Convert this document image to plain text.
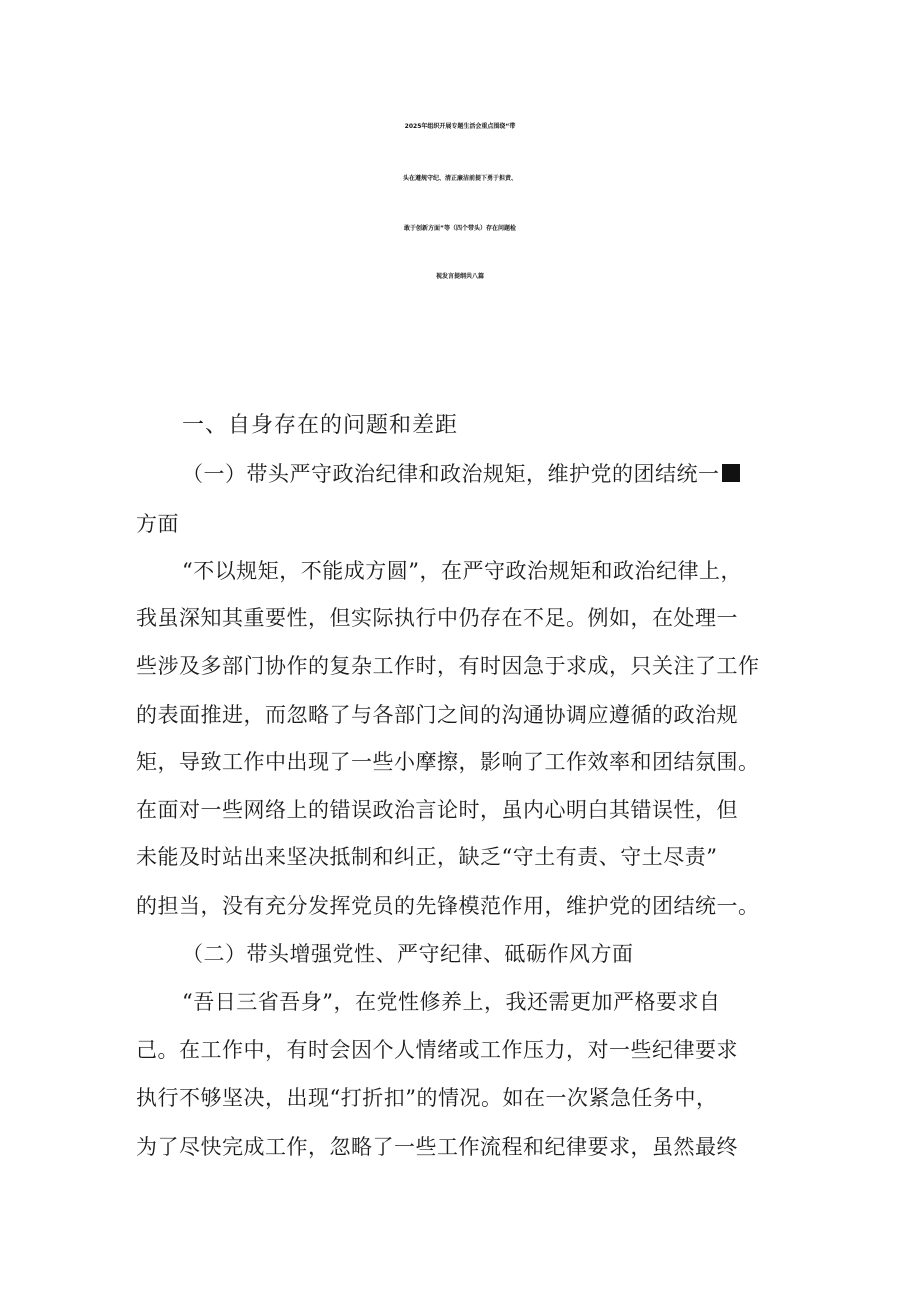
2025年组织开展专题生活会重点围绕“带
头在遵规守纪、清正廉洁前提下勇于担责、
敢于创新方面”等（四个带头）存在问题检
视发言提纲共八篇
一、自身存在的问题和差距
（一）带头严守政治纪律和政治规矩，维护党的团结统一
方面
“不以规矩，不能成方圆”，在严守政治规矩和政治纪律上，
我虽深知其重要性，但实际执行中仍存在不足。例如，在处理一
些涉及多部门协作的复杂工作时，有时因急于求成，只关注了工作
的表面推进，而忽略了与各部门之间的沟通协调应遵循的政治规
矩，导致工作中出现了一些小摩擦，影响了工作效率和团结氛围。
在面对一些网络上的错误政治言论时，虽内心明白其错误性，但
未能及时站出来坚决抵制和纠正，缺乏“守土有责、守土尽责”
的担当，没有充分发挥党员的先锋模范作用，维护党的团结统一。
（二）带头增强党性、严守纪律、砥砺作风方面
“吾日三省吾身”，在党性修养上，我还需更加严格要求自
己。在工作中，有时会因个人情绪或工作压力，对一些纪律要求
执行不够坚决，出现“打折扣”的情况。如在一次紧急任务中，
为了尽快完成工作，忽略了一些工作流程和纪律要求，虽然最终
